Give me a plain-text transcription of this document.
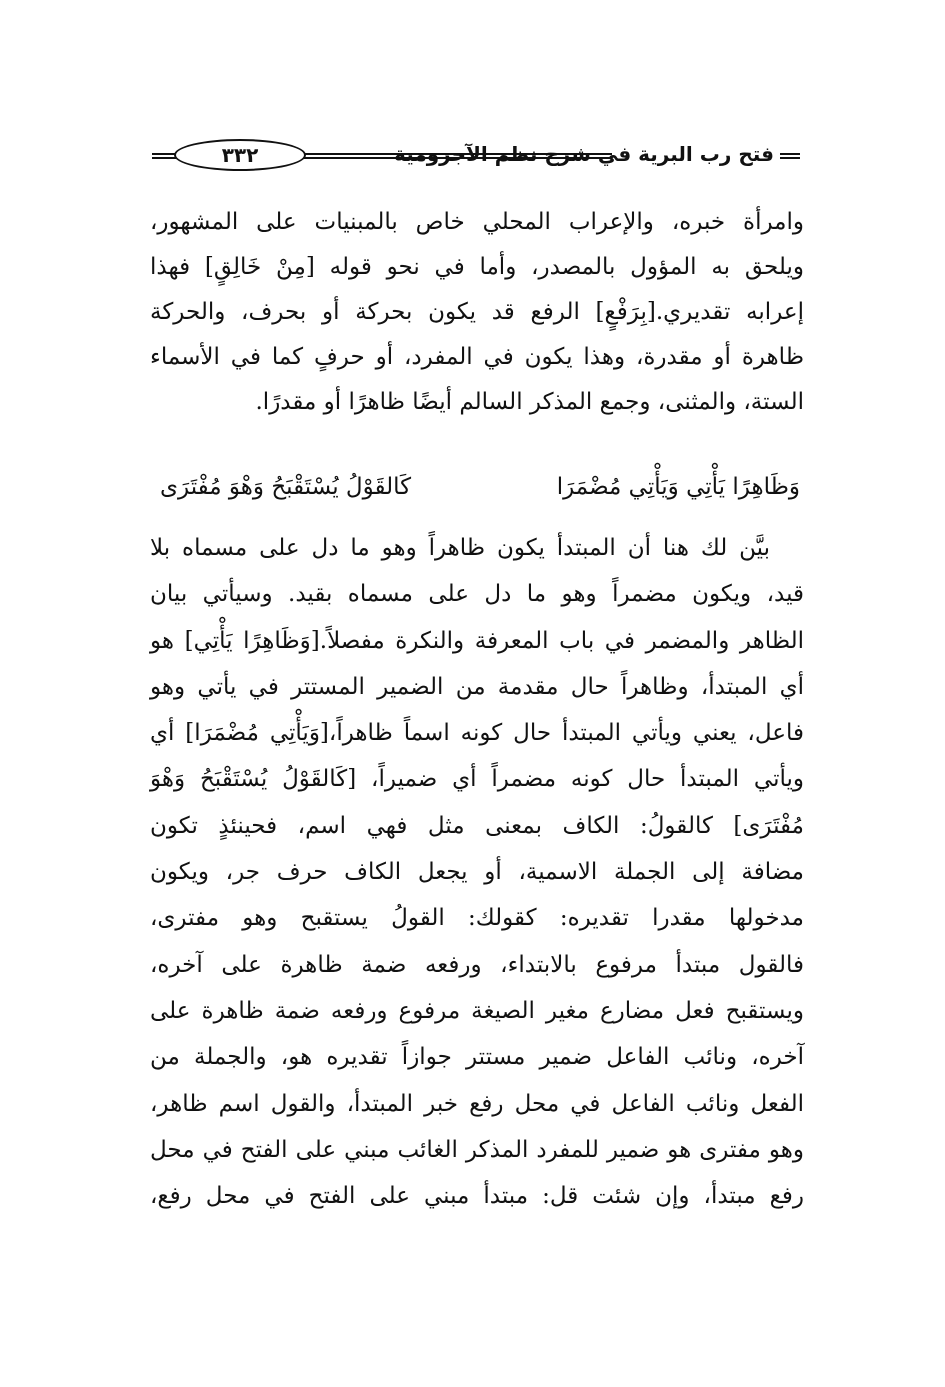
فتح رب البرية في شرح نظم الآجرومية
٣٣٢
وامرأة خبره، والإعراب المحلي خاص بالمبنيات على المشهور،
ويلحق به المؤول بالمصدر، وأما في نحو قوله [مِنْ خَالِقٍ] فهذا
إعرابه تقديري.[بِرَفْعٍ] الرفع قد يكون بحركة أو بحرف، والحركة
ظاهرة أو مقدرة، وهذا يكون في المفرد، أو حرفٍ كما في الأسماء
الستة، والمثنى، وجمع المذكر السالم أيضًا ظاهرًا أو مقدرًا.
وَظَاهِرًا يَأْتِي وَيَأْتِي مُضْمَرَا
كَالقَوْلُ يُسْتَقْبَحُ وَهْوَ مُفْتَرَى
بيَّن لك هنا أن المبتدأ يكون ظاهراً وهو ما دل على مسماه بلا
قيد، ويكون مضمراً وهو ما دل على مسماه بقيد. وسيأتي بيان
الظاهر والمضمر في باب المعرفة والنكرة مفصلاً.[وَظَاهِرًا يَأْتِي] هو
أي المبتدأ، وظاهراً حال مقدمة من الضمير المستتر في يأتي وهو
فاعل، يعني ويأتي المبتدأ حال كونه اسماً ظاهراً،[وَيَأْتِي مُضْمَرَا] أي
ويأتي المبتدأ حال كونه مضمراً أي ضميراً، [كَالقَوْلُ يُسْتَقْبَحُ وَهْوَ
مُفْتَرَى] كالقولُ: الكاف بمعنى مثل فهي اسم، فحينئذٍ تكون
مضافة إلى الجملة الاسمية، أو يجعل الكاف حرف جر، ويكون
مدخولها مقدرا تقديره: كقولك: القولُ يستقبح وهو مفترى،
فالقول مبتدأ مرفوع بالابتداء، ورفعه ضمة ظاهرة على آخره،
ويستقبح فعل مضارع مغير الصيغة مرفوع ورفعه ضمة ظاهرة على
آخره، ونائب الفاعل ضمير مستتر جوازاً تقديره هو، والجملة من
الفعل ونائب الفاعل في محل رفع خبر المبتدأ، والقول اسم ظاهر،
وهو مفترى هو ضمير للمفرد المذكر الغائب مبني على الفتح في محل
رفع مبتدأ، وإن شئت قل: مبتدأ مبني على الفتح في محل رفع،
